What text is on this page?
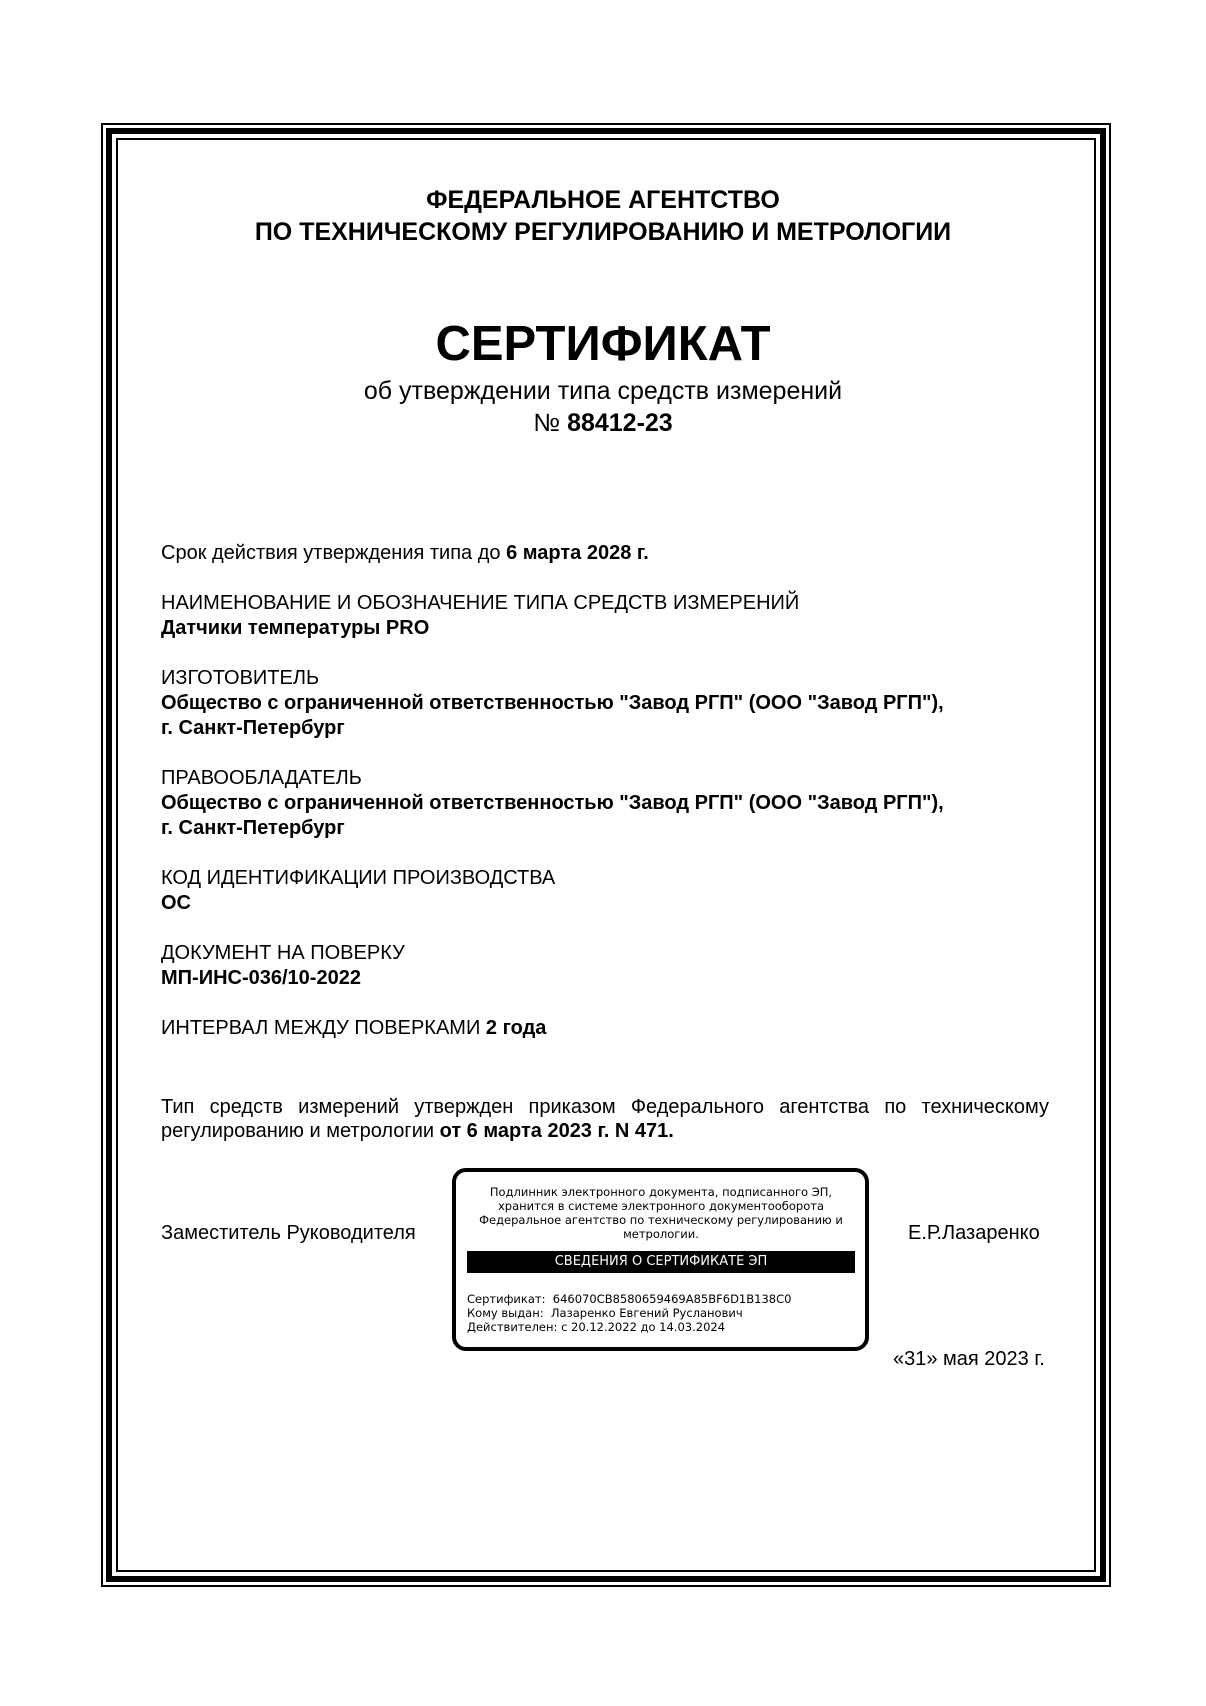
ФЕДЕРАЛЬНОЕ АГЕНТСТВО
ПО ТЕХНИЧЕСКОМУ РЕГУЛИРОВАНИЮ И МЕТРОЛОГИИ
СЕРТИФИКАТ
об утверждении типа средств измерений
№ 88412-23
Срок действия утверждения типа до 6 марта 2028 г.
НАИМЕНОВАНИЕ И ОБОЗНАЧЕНИЕ ТИПА СРЕДСТВ ИЗМЕРЕНИЙ
Датчики температуры PRO
ИЗГОТОВИТЕЛЬ
Общество с ограниченной ответственностью "Завод РГП" (ООО "Завод РГП"),
г. Санкт-Петербург
ПРАВООБЛАДАТЕЛЬ
Общество с ограниченной ответственностью "Завод РГП" (ООО "Завод РГП"),
г. Санкт-Петербург
КОД ИДЕНТИФИКАЦИИ ПРОИЗВОДСТВА
ОС
ДОКУМЕНТ НА ПОВЕРКУ
МП-ИНС-036/10-2022
ИНТЕРВАЛ МЕЖДУ ПОВЕРКАМИ 2 года
Тип средств измерений утвержден приказом Федерального агентства по техническому регулированию и метрологии от 6 марта 2023 г. N 471.
Заместитель Руководителя	Е.Р.Лазаренко
«31» мая 2023 г.
Подлинник электронного документа, подписанного ЭП,
хранится в системе электронного документооборота
Федеральное агентство по техническому регулированию и
метрологии.
СВЕДЕНИЯ О СЕРТИФИКАТЕ ЭП
Сертификат: 646070CB8580659469A85BF6D1B138C0
Кому выдан: Лазаренко Евгений Русланович
Действителен: с 20.12.2022 до 14.03.2024
